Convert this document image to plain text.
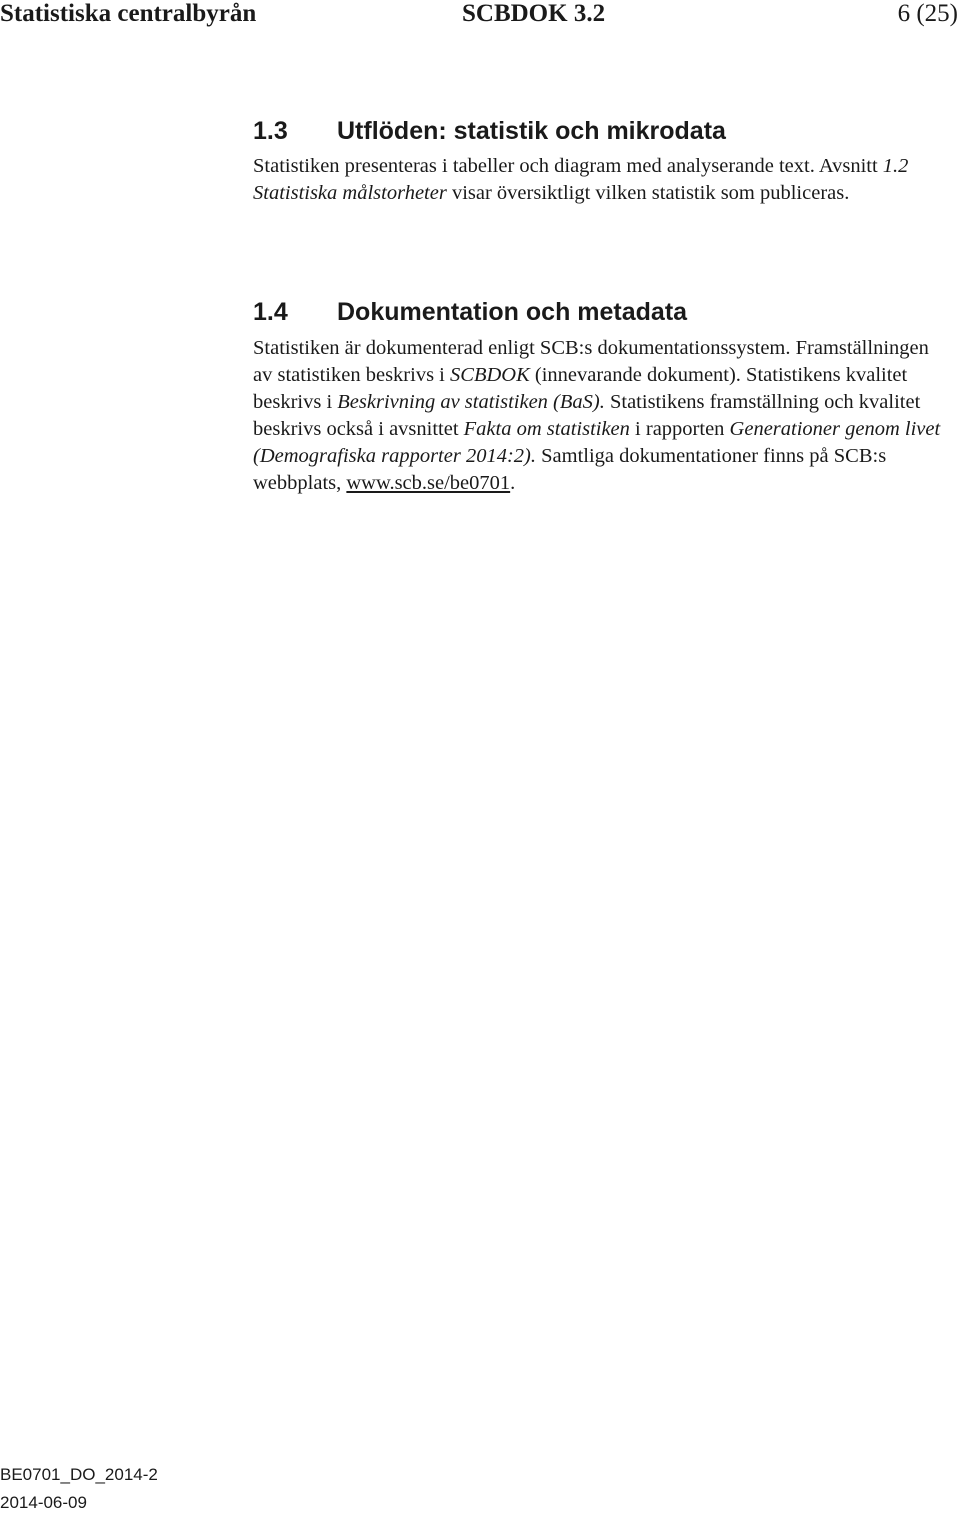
Statistiska centralbyrån	SCBDOK 3.2	6 (25)
1.3 Utflöden: statistik och mikrodata

Statistiken presenteras i tabeller och diagram med analyserande text. Avsnitt 1.2 Statistiska målstorheter visar översiktligt vilken statistik som publiceras.

1.4 Dokumentation och metadata

Statistiken är dokumenterad enligt SCB:s dokumentationssystem. Framställningen av statistiken beskrivs i SCBDOK (innevarande dokument). Statistikens kvalitet beskrivs i Beskrivning av statistiken (BaS). Statistikens framställning och kvalitet beskrivs också i avsnittet Fakta om statistiken i rapporten Generationer genom livet (Demografiska rapporter 2014:2). Samtliga dokumentationer finns på SCB:s webbplats, www.scb.se/be0701.

BE0701_DO_2014-2
2014-06-09
